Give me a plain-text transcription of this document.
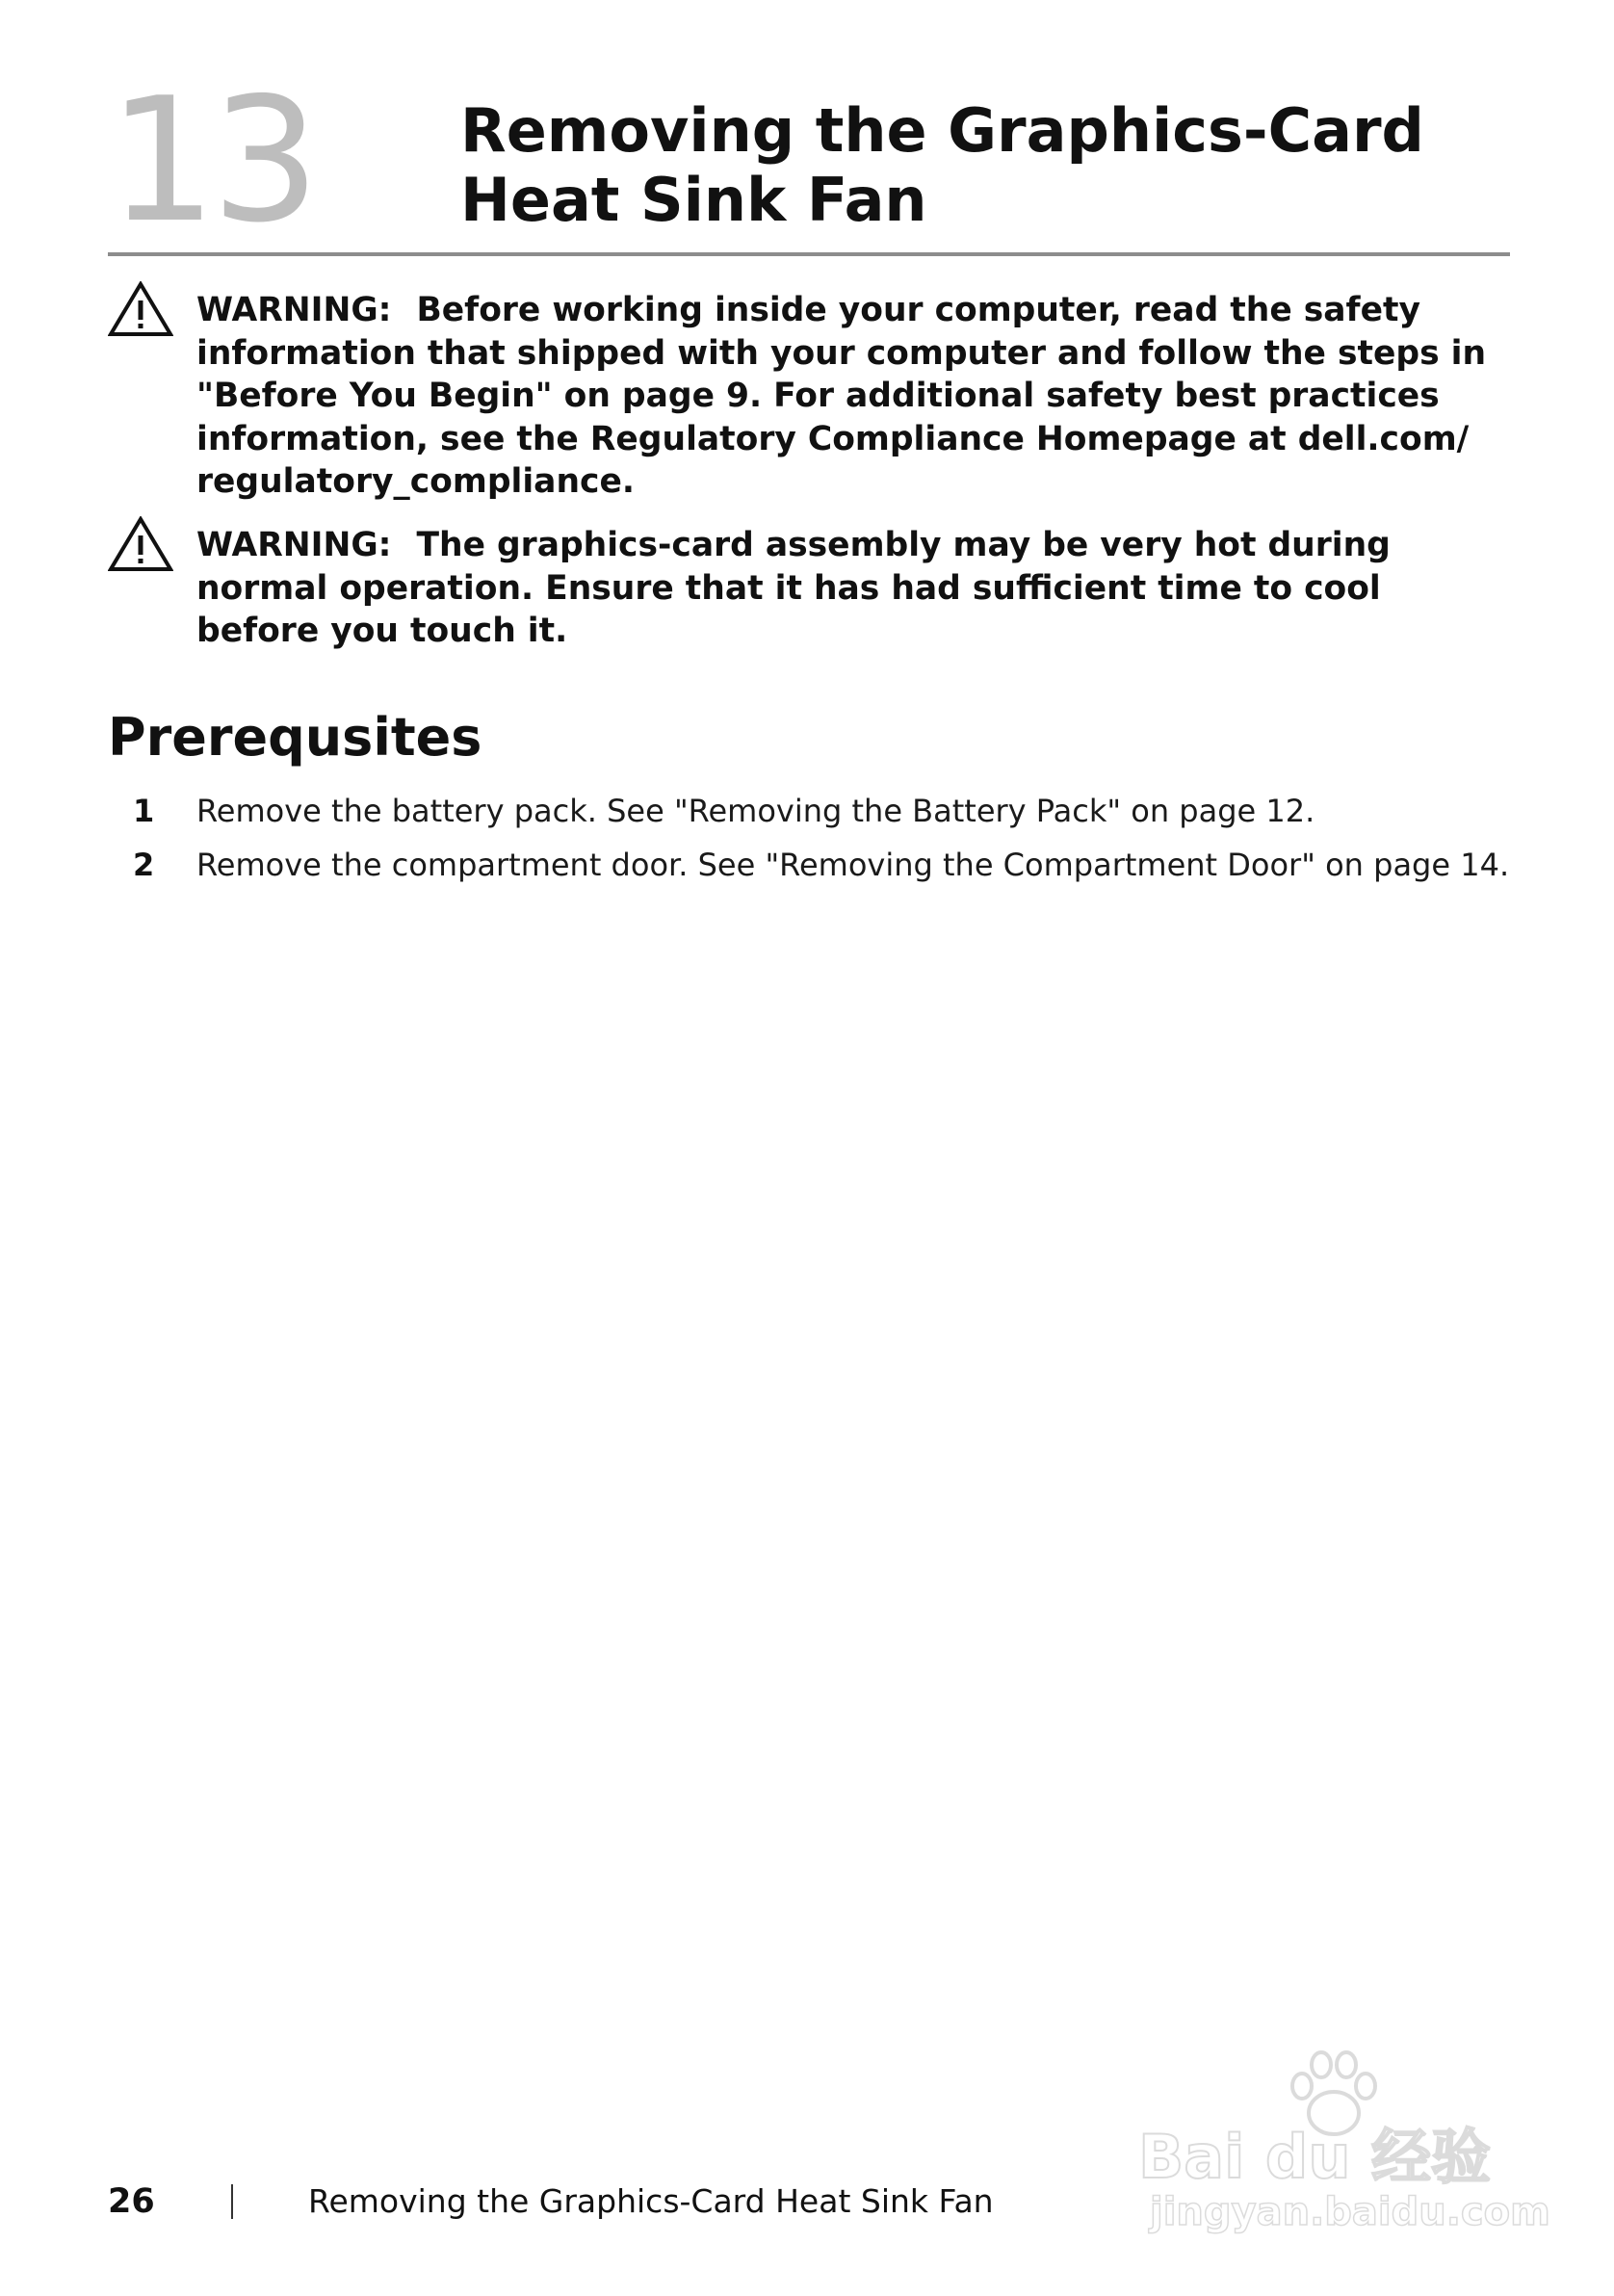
13 Removing the Graphics-Card
Heat Sink Fan
WARNING: Before working inside your computer, read the safety information that shipped with your computer and follow the steps in "Before You Begin" on page 9. For additional safety best practices information, see the Regulatory Compliance Homepage at dell.com/ regulatory_compliance.
WARNING: The graphics-card assembly may be very hot during normal operation. Ensure that it has had sufficient time to cool before you touch it.
Prerequsites
1	Remove the battery pack. See "Removing the Battery Pack" on page 12.
2	Remove the compartment door. See "Removing the Compartment Door" on page 14.
26	Removing the Graphics-Card Heat Sink Fan
Bai du 经验
jingyan.baidu.com
